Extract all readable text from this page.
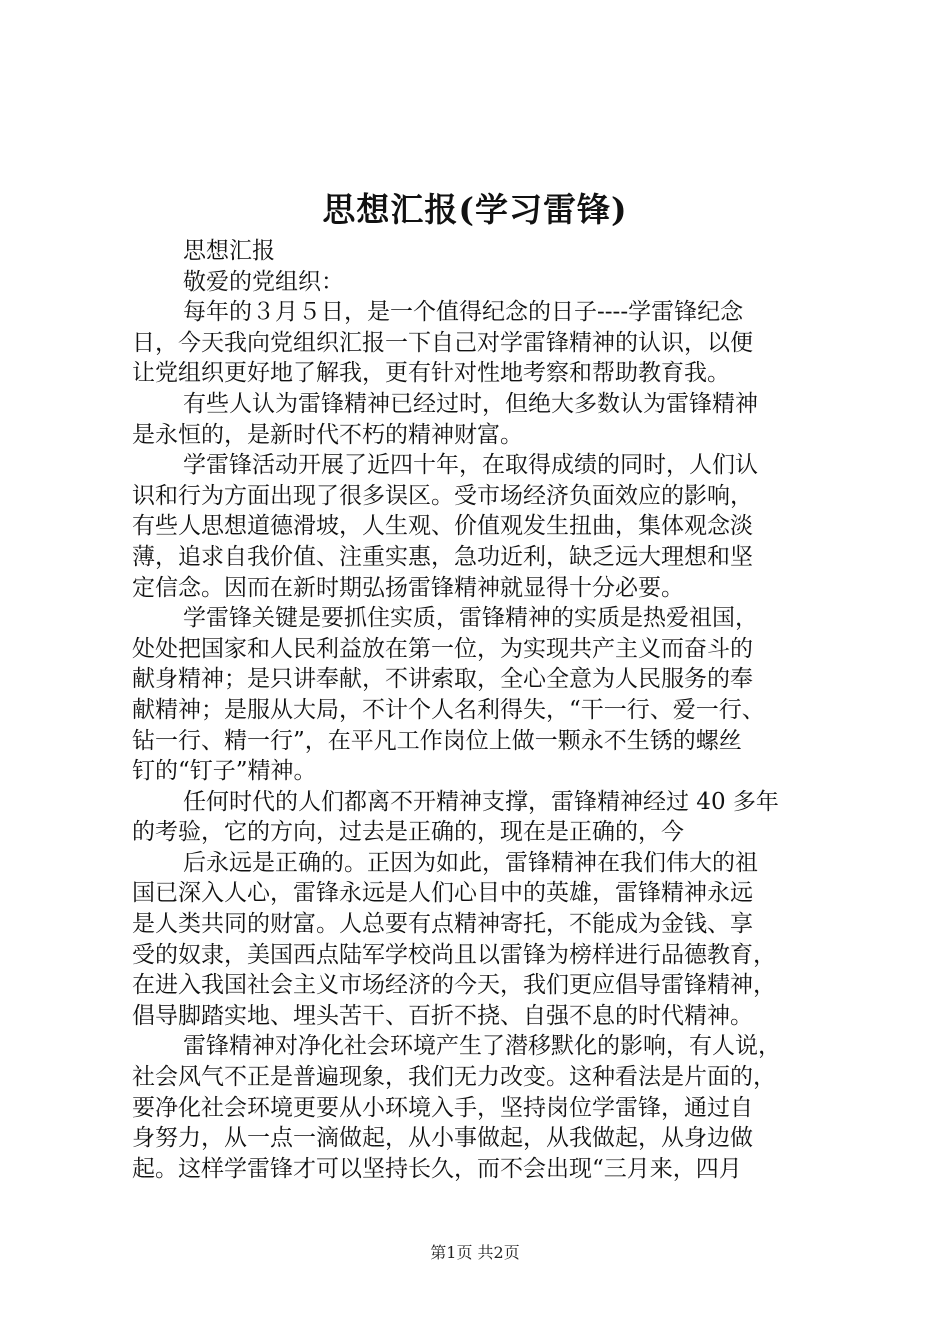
思想汇报(学习雷锋)
思想汇报
敬爱的党组织：
每年的３月５日，是一个值得纪念的日子----学雷锋纪念
日，今天我向党组织汇报一下自己对学雷锋精神的认识，以便
让党组织更好地了解我，更有针对性地考察和帮助教育我。
有些人认为雷锋精神已经过时，但绝大多数认为雷锋精神
是永恒的，是新时代不朽的精神财富。
学雷锋活动开展了近四十年，在取得成绩的同时，人们认
识和行为方面出现了很多误区。受市场经济负面效应的影响，
有些人思想道德滑坡，人生观、价值观发生扭曲，集体观念淡
薄，追求自我价值、注重实惠，急功近利，缺乏远大理想和坚
定信念。因而在新时期弘扬雷锋精神就显得十分必要。
学雷锋关键是要抓住实质，雷锋精神的实质是热爱祖国，
处处把国家和人民利益放在第一位，为实现共产主义而奋斗的
献身精神；是只讲奉献，不讲索取，全心全意为人民服务的奉
献精神；是服从大局，不计个人名利得失，“干一行、爱一行、
钻一行、精一行”，在平凡工作岗位上做一颗永不生锈的螺丝
钉的“钉子”精神。
任何时代的人们都离不开精神支撑，雷锋精神经过 40 多年
的考验，它的方向，过去是正确的，现在是正确的，今
后永远是正确的。正因为如此，雷锋精神在我们伟大的祖
国已深入人心，雷锋永远是人们心目中的英雄，雷锋精神永远
是人类共同的财富。人总要有点精神寄托，不能成为金钱、享
受的奴隶，美国西点陆军学校尚且以雷锋为榜样进行品德教育，
在进入我国社会主义市场经济的今天，我们更应倡导雷锋精神，
倡导脚踏实地、埋头苦干、百折不挠、自强不息的时代精神。
雷锋精神对净化社会环境产生了潜移默化的影响，有人说，
社会风气不正是普遍现象，我们无力改变。这种看法是片面的，
要净化社会环境更要从小环境入手，坚持岗位学雷锋，通过自
身努力，从一点一滴做起，从小事做起，从我做起，从身边做
起。这样学雷锋才可以坚持长久，而不会出现“三月来，四月
第1页 共2页
